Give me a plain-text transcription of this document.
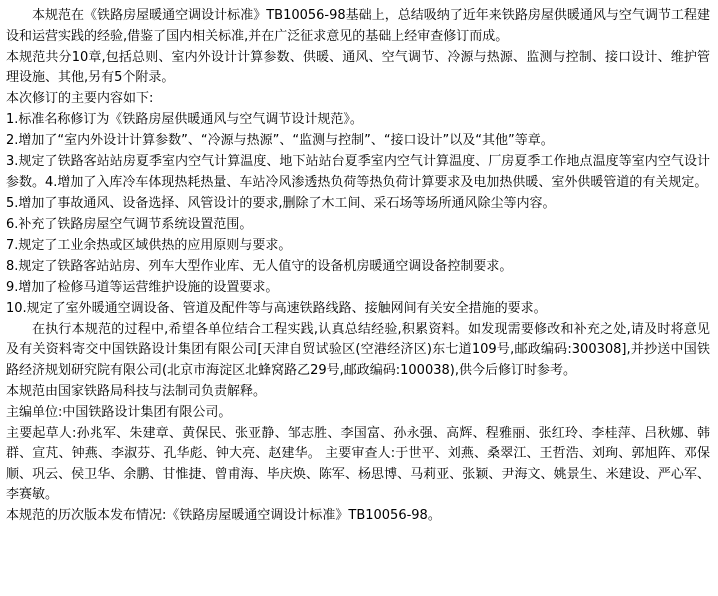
本规范在《铁路房屋暖通空调设计标准》TB10056-98基础上，总结吸纳了近年来铁路房屋供暖通风与空气调节工程建设和运营实践的经验,借鉴了国内相关标准,并在广泛征求意见的基础上经审查修订而成。

本规范共分10章,包括总则、室内外设计计算参数、供暖、通风、空气调节、冷源与热源、监测与控制、接口设计、维护管理设施、其他,另有5个附录。

本次修订的主要内容如下:

1.标准名称修订为《铁路房屋供暖通风与空气调节设计规范》。

2.增加了“室内外设计计算参数”、“冷源与热源”、“监测与控制”、“接口设计”以及“其他”等章。

3.规定了铁路客站站房夏季室内空气计算温度、地下站站台夏季室内空气计算温度、厂房夏季工作地点温度等室内空气设计参数。4.增加了入库冷车体现热耗热量、车站冷风渗透热负荷等热负荷计算要求及电加热供暖、室外供暖管道的有关规定。

5.增加了事故通风、设备选择、风管设计的要求,删除了木工间、采石场等场所通风除尘等内容。

6.补充了铁路房屋空气调节系统设置范围。

7.规定了工业余热或区域供热的应用原则与要求。

8.规定了铁路客站站房、列车大型作业库、无人值守的设备机房暖通空调设备控制要求。

9.增加了检修马道等运营维护设施的设置要求。

10.规定了室外暖通空调设备、管道及配件等与高速铁路线路、接触网间有关安全措施的要求。

在执行本规范的过程中,希望各单位结合工程实践,认真总结经验,积累资料。如发现需要修改和补充之处,请及时将意见及有关资料寄交中国铁路设计集团有限公司[天津自贸试验区(空港经济区)东七道109号,邮政编码:300308],并抄送中国铁路经济规划研究院有限公司(北京市海淀区北蜂窝路乙29号,邮政编码:100038),供今后修订时参考。

本规范由国家铁路局科技与法制司负责解释。

主编单位:中国铁路设计集团有限公司。

主要起草人:孙兆军、朱建章、黄保民、张亚静、邹志胜、李国富、孙永强、高辉、程雅丽、张红玲、李桂萍、吕秋娜、韩群、宣芃、钟燕、李淑芬、孔华彪、钟大亮、赵建华。 主要审查人:于世平、刘燕、桑翠江、王哲浩、刘珣、郭旭阵、邓保顺、巩云、侯卫华、余鹏、甘惟捷、曾甫海、毕庆焕、陈军、杨思博、马莉亚、张颖、尹海文、姚景生、米建设、严心军、李赛敏。

本规范的历次版本发布情况:《铁路房屋暖通空调设计标准》TB10056-98。
